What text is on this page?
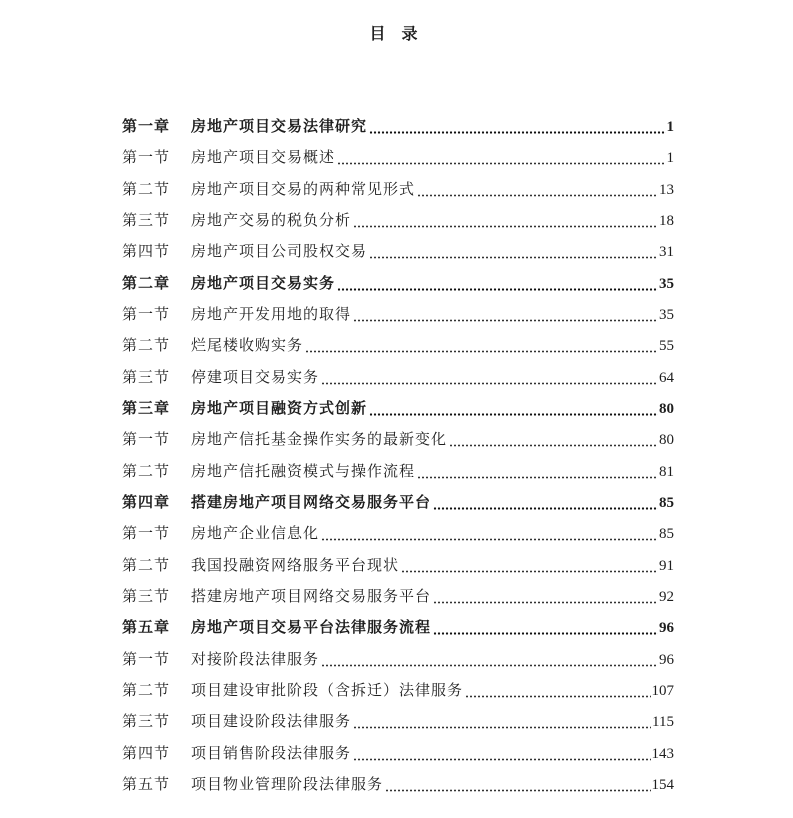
目 录
第一章	房地产项目交易法律研究	1
第一节	房地产项目交易概述	1
第二节	房地产项目交易的两种常见形式	13
第三节	房地产交易的税负分析	18
第四节	房地产项目公司股权交易	31
第二章	房地产项目交易实务	35
第一节	房地产开发用地的取得	35
第二节	烂尾楼收购实务	55
第三节	停建项目交易实务	64
第三章	房地产项目融资方式创新	80
第一节	房地产信托基金操作实务的最新变化	80
第二节	房地产信托融资模式与操作流程	81
第四章	搭建房地产项目网络交易服务平台	85
第一节	房地产企业信息化	85
第二节	我国投融资网络服务平台现状	91
第三节	搭建房地产项目网络交易服务平台	92
第五章	房地产项目交易平台法律服务流程	96
第一节	对接阶段法律服务	96
第二节	项目建设审批阶段（含拆迁）法律服务	107
第三节	项目建设阶段法律服务	115
第四节	项目销售阶段法律服务	143
第五节	项目物业管理阶段法律服务	154
